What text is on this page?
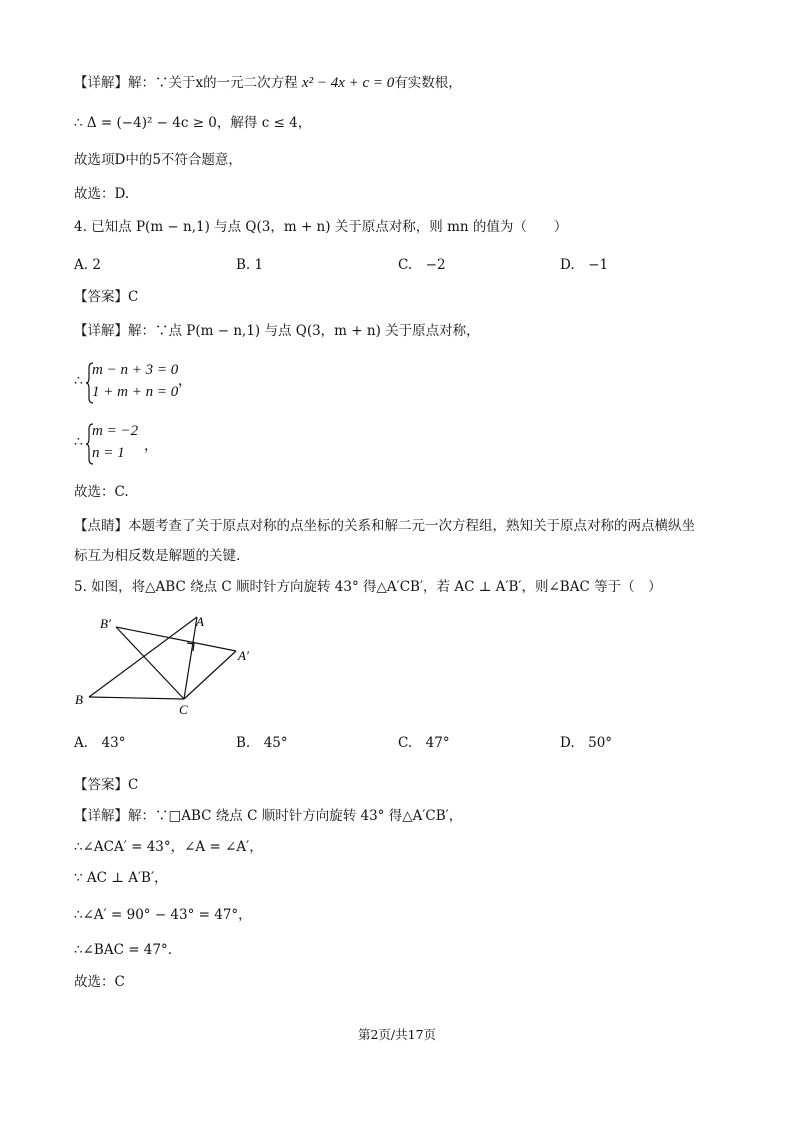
【详解】解：∵关于x的一元二次方程 x² − 4x + c = 0有实数根，
∴ Δ = (−4)² − 4c ≥ 0，解得 c ≤ 4，
故选项D中的5不符合题意，
故选：D.
4. 已知点 P(m − n,1) 与点 Q(3，m + n) 关于原点对称，则 mn 的值为（　　）
A. 2	B. 1	C.　−2	D.　−1
【答案】C
【详解】解：∵点 P(m − n,1) 与点 Q(3，m + n) 关于原点对称，
∴
m − n + 3 = 0
1 + m + n = 0
，
∴
m = −2
n = 1 ，
故选：C.
【点睛】本题考查了关于原点对称的点坐标的关系和解二元一次方程组，熟知关于原点对称的两点横纵坐
标互为相反数是解题的关键.
5. 如图，将△ABC 绕点 C 顺时针方向旋转 43° 得△A′CB′，若 AC ⊥ A′B′，则∠BAC 等于（　）
B′	A
A′
B
C
A.　43°	B.　45°	C.　47°	D.　50°
【答案】C
【详解】解：∵□ABC 绕点 C 顺时针方向旋转 43° 得△A′CB′，
∴∠ACA′ = 43°，∠A = ∠A′，
∵ AC ⊥ A′B′，
∴∠A′ = 90° − 43° = 47°，
∴∠BAC = 47°.
故选：C
第2页/共17页
